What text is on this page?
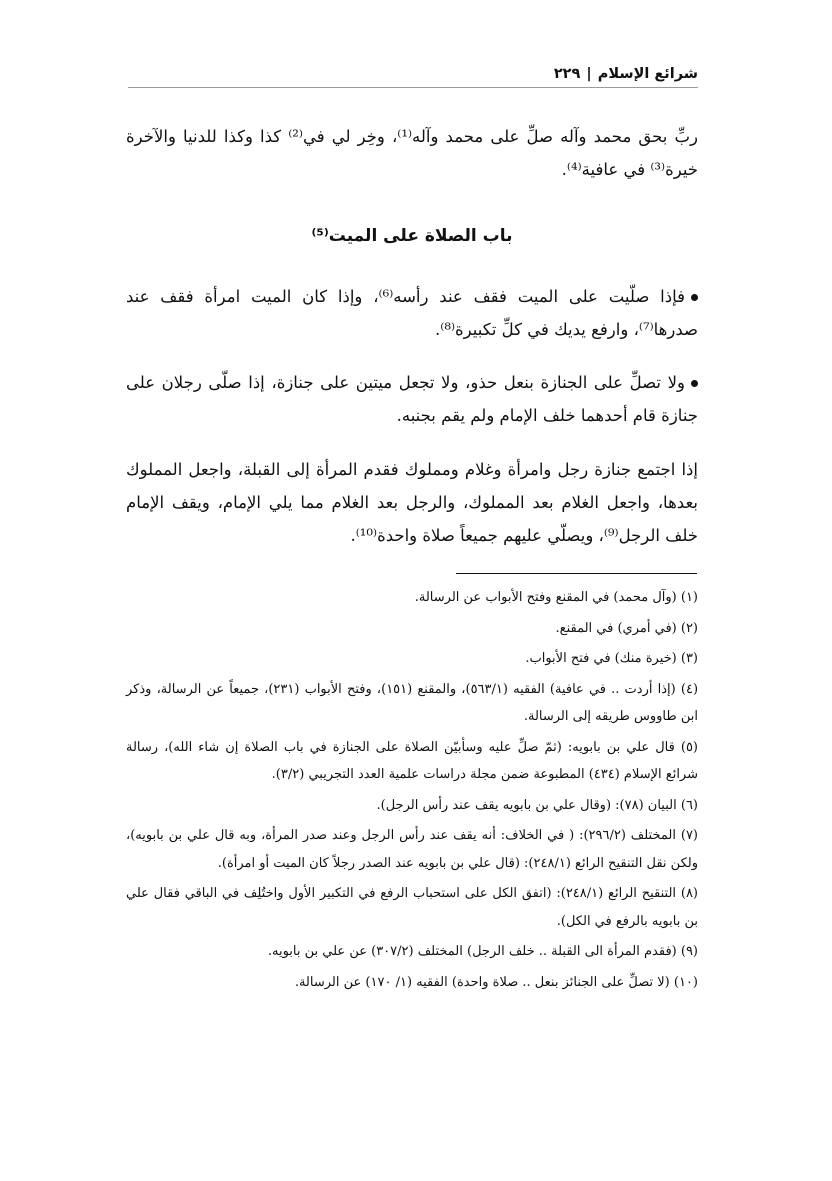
شرائع الإسلام
|
٢٢٩

ربِّ بحق محمد وآله صلِّ على محمد وآله⁽¹⁾، وخِر لي في⁽²⁾ كذا وكذا للدنيا والآخرة خيرة⁽³⁾ في عافية⁽⁴⁾.

باب الصلاة على الميت⁽⁵⁾

فإذا صلّيت على الميت فقف عند رأسه⁽⁶⁾، وإذا كان الميت امرأة فقف عند صدرها⁽⁷⁾، وارفع يديك في كلِّ تكبيرة⁽⁸⁾.

ولا تصلِّ على الجنازة بنعل حذو، ولا تجعل ميتين على جنازة، إذا صلّى رجلان على جنازة قام أحدهما خلف الإمام ولم يقم بجنبه.

إذا اجتمع جنازة رجل وامرأة وغلام ومملوك فقدم المرأة إلى القبلة، واجعل المملوك بعدها، واجعل الغلام بعد المملوك، والرجل بعد الغلام مما يلي الإمام، ويقف الإمام خلف الرجل⁽⁹⁾، ويصلّي عليهم جميعاً صلاة واحدة⁽¹⁰⁾.

(١) (وآل محمد) في المقنع وفتح الأبواب عن الرسالة.

(٢) (في أمري) في المقنع.

(٣) (خيرة منك) في فتح الأبواب.

(٤) (إذا أردت .. في عافية) الفقيه (٥٦٣/١)، والمقنع (١٥١)، وفتح الأبواب (٢٣١)، جميعاً عن الرسالة، وذكر ابن طاووس طريقه إلى الرسالة.

(٥) قال علي بن بابويه: (ثمّ صلِّ عليه وسأبيّن الصلاة على الجنازة في باب الصلاة إن شاء الله)، رسالة شرائع الإسلام (٤٣٤) المطبوعة ضمن مجلة دراسات علمية العدد التجريبي (٣/٢).

(٦) البيان (٧٨): (وقال علي بن بابويه يقف عند رأس الرجل).

(٧) المختلف (٢٩٦/٢): ( في الخلاف: أنه يقف عند رأس الرجل وعند صدر المرأة، وبه قال علي بن بابويه)، ولكن نقل التنقيح الرائع (٢٤٨/١): (قال علي بن بابويه عند الصدر رجلاً كان الميت أو امرأة).

(٨) التنقيح الرائع (٢٤٨/١): (اتفق الكل على استحباب الرفع في التكبير الأول واختُلِف في الباقي فقال علي بن بابويه بالرفع في الكل).

(٩) (فقدم المرأة الى القبلة .. خلف الرجل) المختلف (٣٠٧/٢) عن علي بن بابويه.

(١٠) (لا تصلِّ على الجنائز بنعل .. صلاة واحدة) الفقيه (١/ ١٧٠) عن الرسالة.
